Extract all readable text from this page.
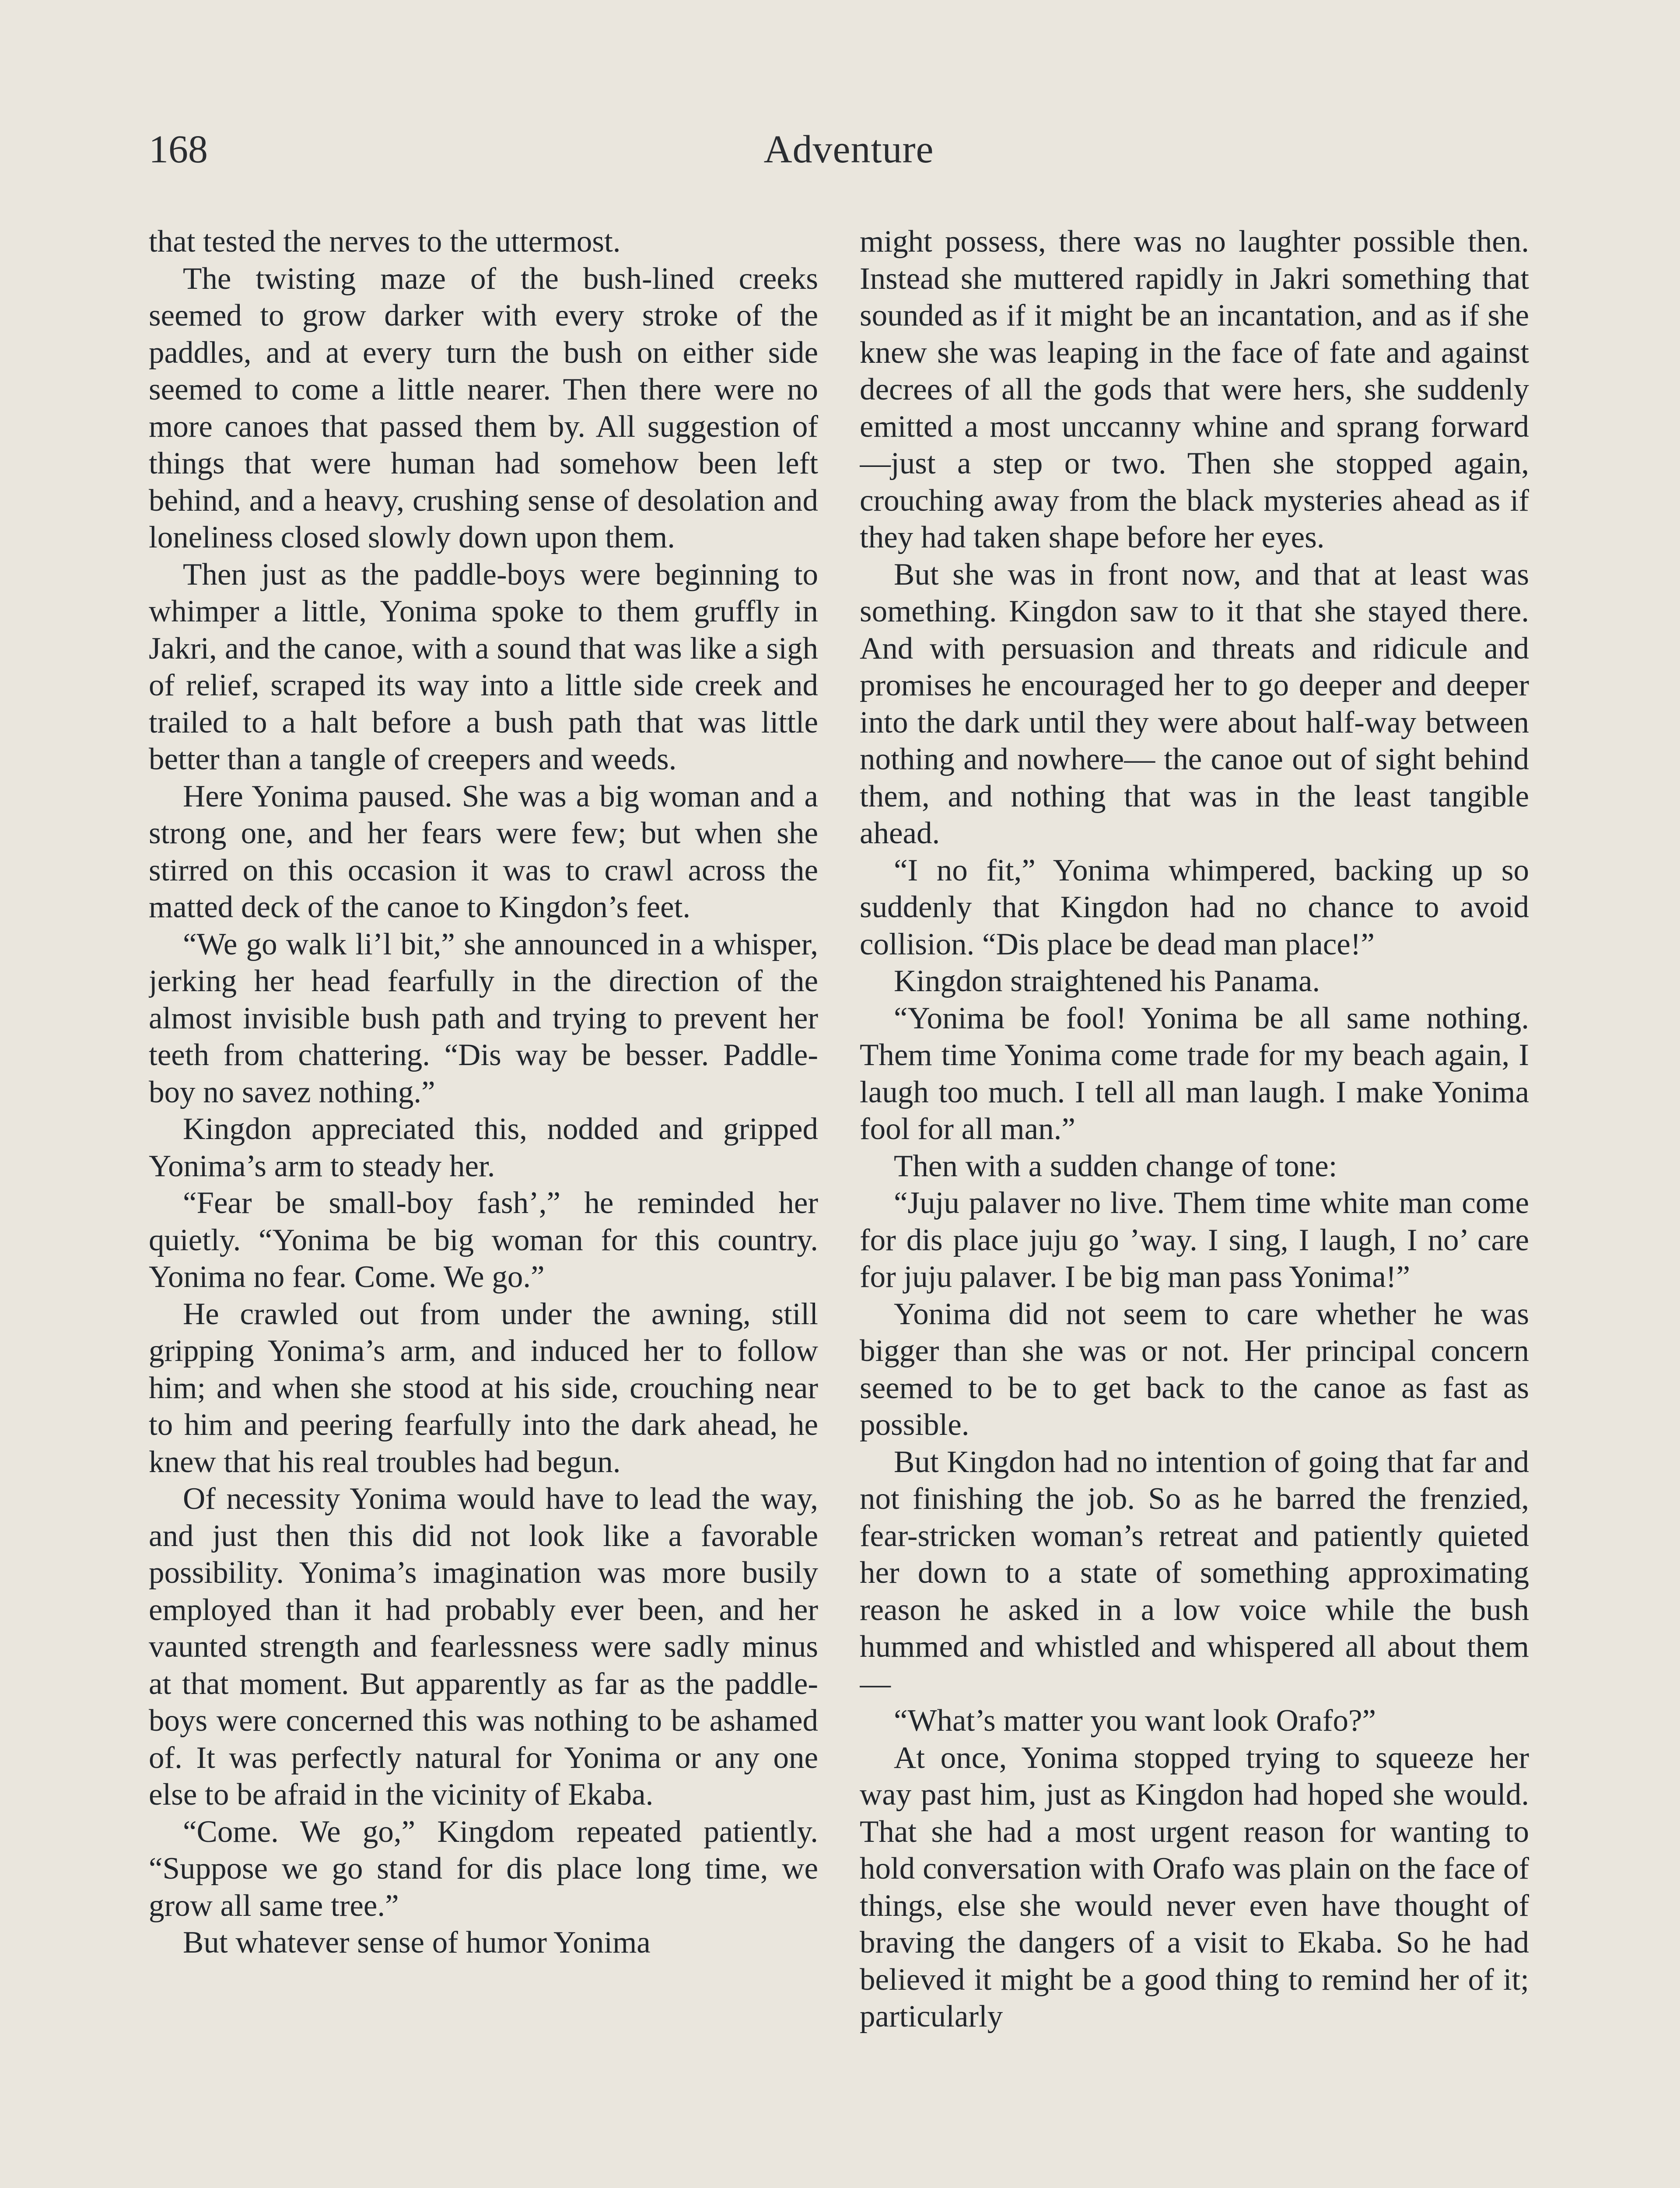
168	Adventure

that tested the nerves to the uttermost.

The twisting maze of the bush-lined creeks seemed to grow darker with every stroke of the paddles, and at every turn the bush on either side seemed to come a little nearer. Then there were no more canoes that passed them by. All suggestion of things that were human had somehow been left behind, and a heavy, crushing sense of desolation and loneliness closed slowly down upon them.

Then just as the paddle-boys were beginning to whimper a little, Yonima spoke to them gruffly in Jakri, and the canoe, with a sound that was like a sigh of relief, scraped its way into a little side creek and trailed to a halt before a bush path that was little better than a tangle of creepers and weeds.

Here Yonima paused. She was a big woman and a strong one, and her fears were few; but when she stirred on this occasion it was to crawl across the matted deck of the canoe to Kingdon’s feet.

“We go walk li’l bit,” she announced in a whisper, jerking her head fearfully in the direction of the almost invisible bush path and trying to prevent her teeth from chattering. “Dis way be besser. Paddle-boy no savez nothing.”

Kingdon appreciated this, nodded and gripped Yonima’s arm to steady her.

“Fear be small-boy fash’,” he reminded her quietly. “Yonima be big woman for this country. Yonima no fear. Come. We go.”

He crawled out from under the awning, still gripping Yonima’s arm, and induced her to follow him; and when she stood at his side, crouching near to him and peering fearfully into the dark ahead, he knew that his real troubles had begun.

Of necessity Yonima would have to lead the way, and just then this did not look like a favorable possibility. Yonima’s imagination was more busily employed than it had probably ever been, and her vaunted strength and fearlessness were sadly minus at that moment. But apparently as far as the paddle-boys were concerned this was nothing to be ashamed of. It was perfectly natural for Yonima or any one else to be afraid in the vicinity of Ekaba.

“Come. We go,” Kingdom repeated patiently. “Suppose we go stand for dis place long time, we grow all same tree.”

But whatever sense of humor Yonima

might possess, there was no laughter possible then. Instead she muttered rapidly in Jakri something that sounded as if it might be an incantation, and as if she knew she was leaping in the face of fate and against decrees of all the gods that were hers, she suddenly emitted a most unccanny whine and sprang forward—just a step or two. Then she stopped again, crouching away from the black mysteries ahead as if they had taken shape before her eyes.

But she was in front now, and that at least was something. Kingdon saw to it that she stayed there. And with persuasion and threats and ridicule and promises he encouraged her to go deeper and deeper into the dark until they were about half-way between nothing and nowhere— the canoe out of sight behind them, and nothing that was in the least tangible ahead.

“I no fit,” Yonima whimpered, backing up so suddenly that Kingdon had no chance to avoid collision. “Dis place be dead man place!”

Kingdon straightened his Panama.

“Yonima be fool! Yonima be all same nothing. Them time Yonima come trade for my beach again, I laugh too much. I tell all man laugh. I make Yonima fool for all man.”

Then with a sudden change of tone:

“Juju palaver no live. Them time white man come for dis place juju go ’way. I sing, I laugh, I no’ care for juju palaver. I be big man pass Yonima!”

Yonima did not seem to care whether he was bigger than she was or not. Her principal concern seemed to be to get back to the canoe as fast as possible.

But Kingdon had no intention of going that far and not finishing the job. So as he barred the frenzied, fear-stricken woman’s retreat and patiently quieted her down to a state of something approximating reason he asked in a low voice while the bush hummed and whistled and whispered all about them—

“What’s matter you want look Orafo?”

At once, Yonima stopped trying to squeeze her way past him, just as Kingdon had hoped she would. That she had a most urgent reason for wanting to hold conversation with Orafo was plain on the face of things, else she would never even have thought of braving the dangers of a visit to Ekaba. So he had believed it might be a good thing to remind her of it; particularly
